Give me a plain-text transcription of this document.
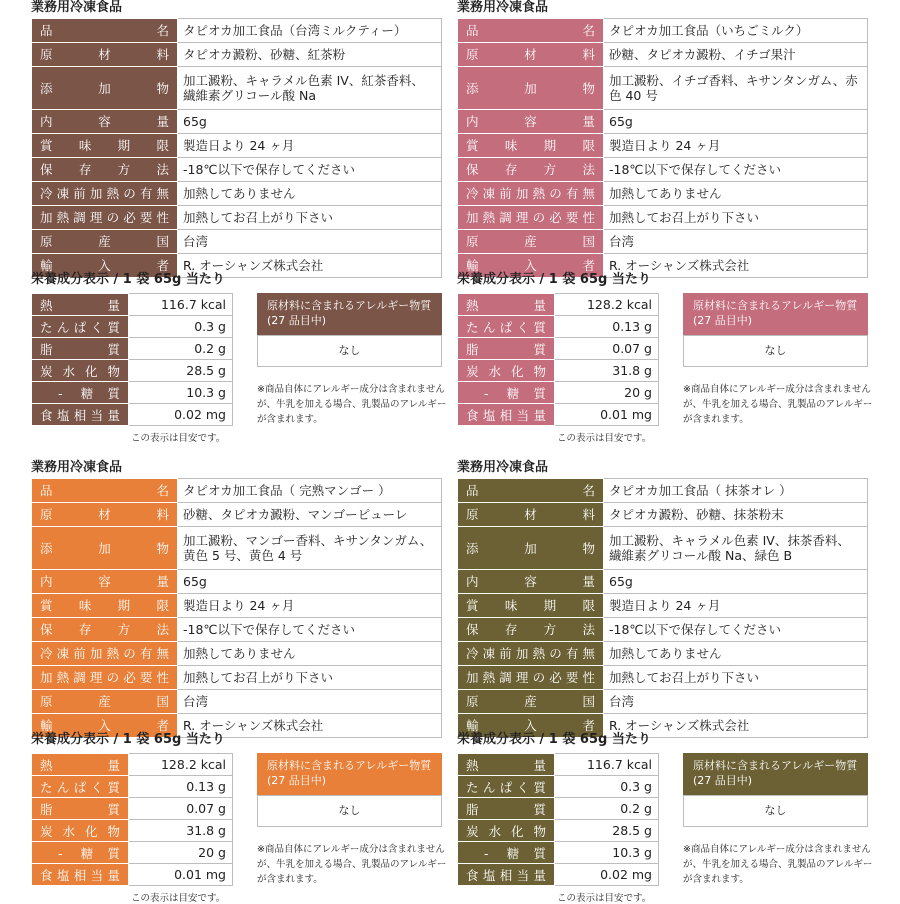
業務用冷凍食品
品名	タピオカ加工食品（台湾ミルクティー）
原材料	タピオカ澱粉、砂糖、紅茶粉
添加物	加工澱粉、キャラメル色素 IV、紅茶香料、繊維素グリコール酸 Na
内容量	65g
賞味期限	製造日より 24 ヶ月
保存方法	-18℃以下で保存してください
冷凍前加熱の有無	加熱してありません
加熱調理の必要性	加熱してお召上がり下さい
原産国	台湾
輸入者	R. オーシャンズ株式会社
栄養成分表示 / 1 袋 65g 当たり
熱量	116.7 kcal
たんぱく質	0.3 g
脂質	0.2 g
炭水化物	28.5 g
- 糖質	10.3 g
食塩相当量	0.02 mg
この表示は目安です。
原材料に含まれるアレルギー物質(27 品目中)
なし
※商品自体にアレルギー成分は含まれませんが、牛乳を加える場合、乳製品のアレルギーが含まれます。
業務用冷凍食品
品名	タピオカ加工食品（いちごミルク）
原材料	砂糖、タピオカ澱粉、イチゴ果汁
添加物	加工澱粉、イチゴ香料、キサンタンガム、赤色 40 号
内容量	65g
賞味期限	製造日より 24 ヶ月
保存方法	-18℃以下で保存してください
冷凍前加熱の有無	加熱してありません
加熱調理の必要性	加熱してお召上がり下さい
原産国	台湾
輸入者	R. オーシャンズ株式会社
栄養成分表示 / 1 袋 65g 当たり
熱量	128.2 kcal
たんぱく質	0.13 g
脂質	0.07 g
炭水化物	31.8 g
- 糖質	20 g
食塩相当量	0.01 mg
この表示は目安です。
原材料に含まれるアレルギー物質(27 品目中)
なし
※商品自体にアレルギー成分は含まれませんが、牛乳を加える場合、乳製品のアレルギーが含まれます。
業務用冷凍食品
品名	タピオカ加工食品（ 完熟マンゴー ）
原材料	砂糖、タピオカ澱粉、マンゴーピューレ
添加物	加工澱粉、マンゴー香料、キサンタンガム、黄色 5 号、黄色 4 号
内容量	65g
賞味期限	製造日より 24 ヶ月
保存方法	-18℃以下で保存してください
冷凍前加熱の有無	加熱してありません
加熱調理の必要性	加熱してお召上がり下さい
原産国	台湾
輸入者	R. オーシャンズ株式会社
栄養成分表示 / 1 袋 65g 当たり
熱量	128.2 kcal
たんぱく質	0.13 g
脂質	0.07 g
炭水化物	31.8 g
- 糖質	20 g
食塩相当量	0.01 mg
この表示は目安です。
原材料に含まれるアレルギー物質(27 品目中)
なし
※商品自体にアレルギー成分は含まれませんが、牛乳を加える場合、乳製品のアレルギーが含まれます。
業務用冷凍食品
品名	タピオカ加工食品（ 抹茶オレ ）
原材料	タピオカ澱粉、砂糖、抹茶粉末
添加物	加工澱粉、キャラメル色素 IV、抹茶香料、繊維素グリコール酸 Na、緑色 B
内容量	65g
賞味期限	製造日より 24 ヶ月
保存方法	-18℃以下で保存してください
冷凍前加熱の有無	加熱してありません
加熱調理の必要性	加熱してお召上がり下さい
原産国	台湾
輸入者	R. オーシャンズ株式会社
栄養成分表示 / 1 袋 65g 当たり
熱量	116.7 kcal
たんぱく質	0.3 g
脂質	0.2 g
炭水化物	28.5 g
- 糖質	10.3 g
食塩相当量	0.02 mg
この表示は目安です。
原材料に含まれるアレルギー物質(27 品目中)
なし
※商品自体にアレルギー成分は含まれませんが、牛乳を加える場合、乳製品のアレルギーが含まれます。
